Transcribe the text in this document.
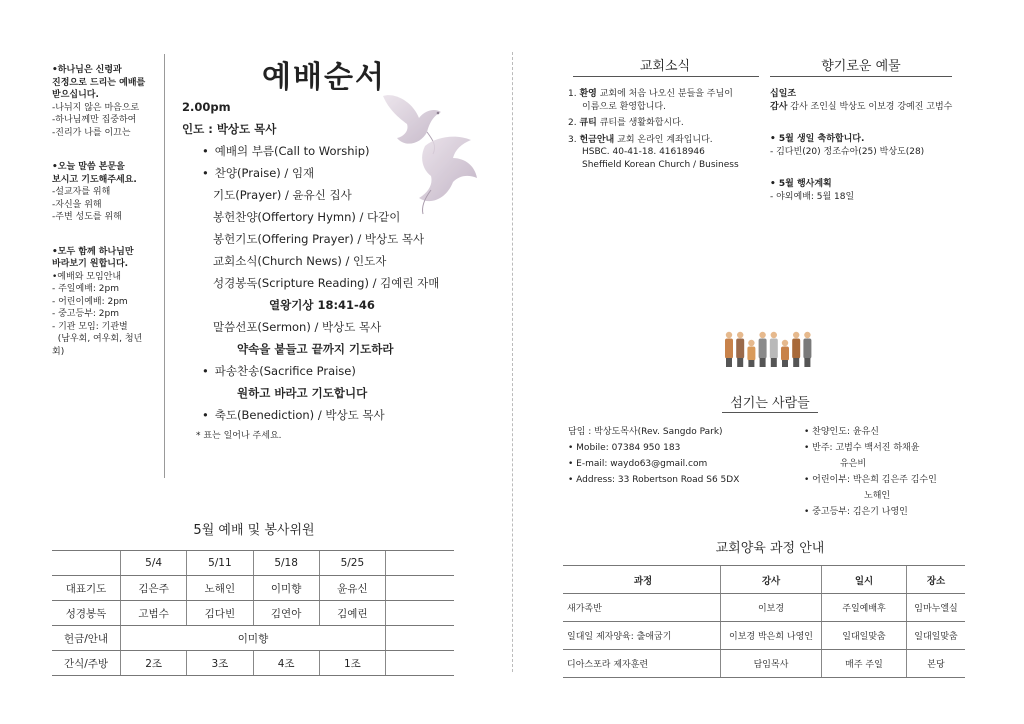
•하나님은 신령과

진정으로 드리는 예배를

받으십니다.

-나뉘지 않은 마음으로

-하나님께만 집중하여

-진리가 나를 이끄는

•오늘 말씀 본문을

보시고 기도해주세요.

-설교자를 위해

-자신을 위해

-주변 성도를 위해

•모두 함께 하나님만

바라보기 원합니다.

•예배와 모임안내

- 주일예배: 2pm

- 어린이예배: 2pm

- 중고등부: 2pm

- 기관 모임: 기관별

(남우회, 여우회, 청년

회)

예배순서
2.00pm
인도 : 박상도 목사
• 예배의 부름(Call to Worship)
• 찬양(Praise) / 임재
기도(Prayer) / 윤유신 집사
봉헌찬양(Offertory Hymn) / 다같이
봉헌기도(Offering Prayer) / 박상도 목사
교회소식(Church News) / 인도자
성경봉독(Scripture Reading) / 김예린 자매
열왕기상 18:41-46
말씀선포(Sermon) / 박상도 목사
약속을 붙들고 끝까지 기도하라
• 파송찬송(Sacrifice Praise)
원하고 바라고 기도합니다
• 축도(Benediction) / 박상도 목사
* 표는 일어나 주세요.
5월 예배 및 봉사위원
	5/4	5/11	5/18	5/25	
대표기도	김은주	노해인	이미향	윤유신	
성경봉독	고범수	김다빈	김연아	김예린	
헌금/안내	이미향				
간식/주방	2조	3조	4조	1조	
교회소식	향기로운 예물

1. 환영 교회에 처음 나오신 분들을 주님이

이름으로 환영합니다.

2. 큐티 큐티를 생활화합시다.

3. 헌금안내 교회 온라인 계좌입니다.

HSBC. 40-41-18. 41618946

Sheffield Korean Church / Business

십일조

감사 감사 조인실 박상도 이보경 강예진 고범수

• 5월 생일 축하합니다.

- 김다빈(20) 정조슈아(25) 박상도(28)

• 5월 행사계획

- 야외예배: 5월 18일

섬기는 사람들

담임 : 박상도목사(Rev. Sangdo Park)

• Mobile: 07384 950 183

• E-mail: waydo63@gmail.com

• Address: 33 Robertson Road S6 5DX

• 찬양인도: 윤유신

• 반주: 고범수 백서진 하채윤

유은비

• 어린이부: 박은희 김은주 김수인

노해인

• 중고등부: 김은기 나영인

교회양육 과정 안내
과정	강사	일시	장소
새가족반	이보경	주일예배후	임마누엘실
일대일 제자양육: 출애굽기	이보경 박은희 나영인	일대일맞춤	일대일맞춤
디아스포라 제자훈련	담임목사	매주 주일	본당
